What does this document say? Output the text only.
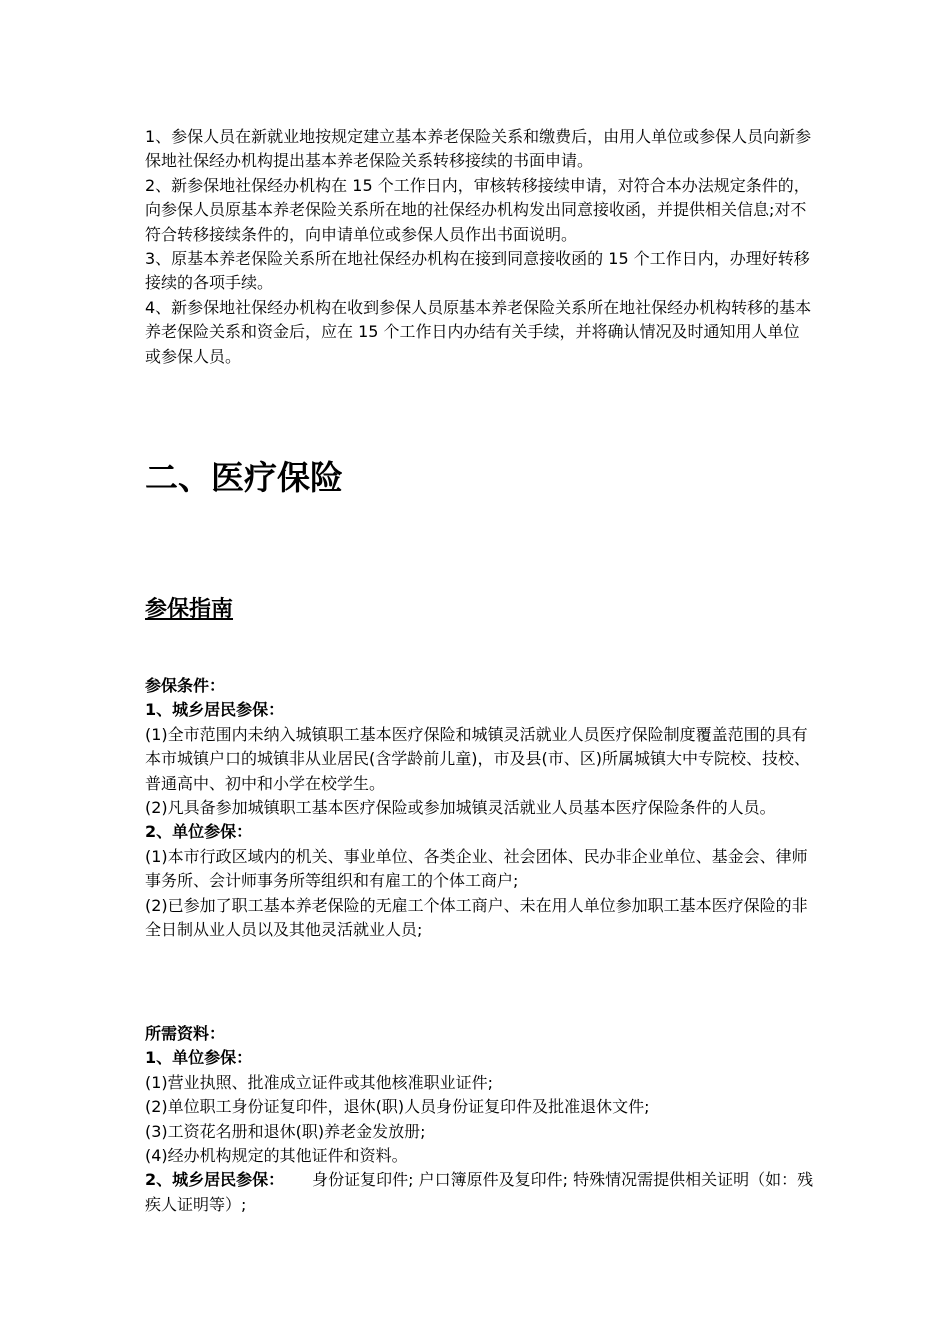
1、参保人员在新就业地按规定建立基本养老保险关系和缴费后，由用人单位或参保人员向新参保地社保经办机构提出基本养老保险关系转移接续的书面申请。

2、新参保地社保经办机构在 15 个工作日内，审核转移接续申请，对符合本办法规定条件的，向参保人员原基本养老保险关系所在地的社保经办机构发出同意接收函，并提供相关信息;对不符合转移接续条件的，向申请单位或参保人员作出书面说明。

3、原基本养老保险关系所在地社保经办机构在接到同意接收函的 15 个工作日内，办理好转移接续的各项手续。

4、新参保地社保经办机构在收到参保人员原基本养老保险关系所在地社保经办机构转移的基本养老保险关系和资金后，应在 15 个工作日内办结有关手续，并将确认情况及时通知用人单位或参保人员。

二、医疗保险
参保指南

参保条件：

1、城乡居民参保：

(1)全市范围内未纳入城镇职工基本医疗保险和城镇灵活就业人员医疗保险制度覆盖范围的具有本市城镇户口的城镇非从业居民(含学龄前儿童)，市及县(市、区)所属城镇大中专院校、技校、普通高中、初中和小学在校学生。

(2)凡具备参加城镇职工基本医疗保险或参加城镇灵活就业人员基本医疗保险条件的人员。

2、单位参保：

(1)本市行政区域内的机关、事业单位、各类企业、社会团体、民办非企业单位、基金会、律师事务所、会计师事务所等组织和有雇工的个体工商户;

(2)已参加了职工基本养老保险的无雇工个体工商户、未在用人单位参加职工基本医疗保险的非全日制从业人员以及其他灵活就业人员;

所需资料：

1、单位参保：

(1)营业执照、批准成立证件或其他核准职业证件;

(2)单位职工身份证复印件，退休(职)人员身份证复印件及批准退休文件;

(3)工资花名册和退休(职)养老金发放册;

(4)经办机构规定的其他证件和资料。

2、城乡居民参保： 身份证复印件; 户口簿原件及复印件; 特殊情况需提供相关证明（如：残疾人证明等）;
